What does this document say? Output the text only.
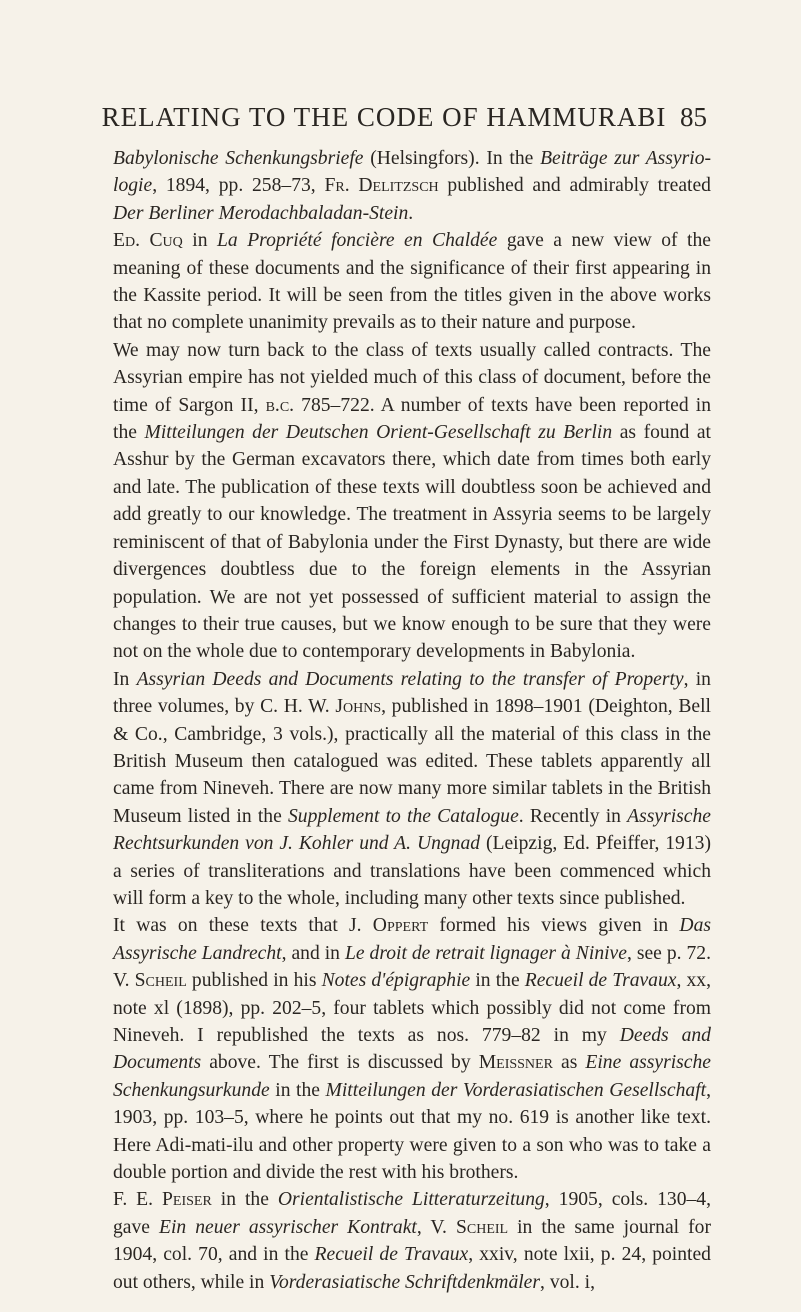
RELATING TO THE CODE OF HAMMURABI 85

Babylonische Schenkungsbriefe (Helsingfors). In the Beiträge zur Assyrio-logie, 1894, pp. 258–73, Fr. Delitzsch published and admirably treated Der Berliner Merodachbaladan-Stein.

Ed. Cuq in La Propriété foncière en Chaldée gave a new view of the meaning of these documents and the significance of their first appearing in the Kassite period. It will be seen from the titles given in the above works that no complete unanimity prevails as to their nature and purpose.

We may now turn back to the class of texts usually called contracts. The Assyrian empire has not yielded much of this class of document, before the time of Sargon II, b.c. 785–722. A number of texts have been reported in the Mitteilungen der Deutschen Orient-Gesellschaft zu Berlin as found at Asshur by the German excavators there, which date from times both early and late. The publication of these texts will doubtless soon be achieved and add greatly to our knowledge. The treatment in Assyria seems to be largely reminiscent of that of Babylonia under the First Dynasty, but there are wide divergences doubtless due to the foreign elements in the Assyrian population. We are not yet possessed of sufficient material to assign the changes to their true causes, but we know enough to be sure that they were not on the whole due to contemporary developments in Babylonia.

In Assyrian Deeds and Documents relating to the transfer of Property, in three volumes, by C. H. W. Johns, published in 1898–1901 (Deighton, Bell & Co., Cambridge, 3 vols.), practically all the material of this class in the British Museum then catalogued was edited. These tablets apparently all came from Nineveh. There are now many more similar tablets in the British Museum listed in the Supplement to the Catalogue. Recently in Assyrische Rechtsurkunden von J. Kohler und A. Ungnad (Leipzig, Ed. Pfeiffer, 1913) a series of transliterations and translations have been commenced which will form a key to the whole, including many other texts since published.

It was on these texts that J. Oppert formed his views given in Das Assyrische Landrecht, and in Le droit de retrait lignager à Ninive, see p. 72. V. Scheil published in his Notes d'épigraphie in the Recueil de Travaux, xx, note xl (1898), pp. 202–5, four tablets which possibly did not come from Nineveh. I republished the texts as nos. 779–82 in my Deeds and Documents above. The first is discussed by Meissner as Eine assyrische Schenkungsurkunde in the Mitteilungen der Vorderasiatischen Gesellschaft, 1903, pp. 103–5, where he points out that my no. 619 is another like text. Here Adi-mati-ilu and other property were given to a son who was to take a double portion and divide the rest with his brothers.

F. E. Peiser in the Orientalistische Litteraturzeitung, 1905, cols. 130–4, gave Ein neuer assyrischer Kontrakt, V. Scheil in the same journal for 1904, col. 70, and in the Recueil de Travaux, xxiv, note lxii, p. 24, pointed out others, while in Vorderasiatische Schriftdenkmäler, vol. i,
